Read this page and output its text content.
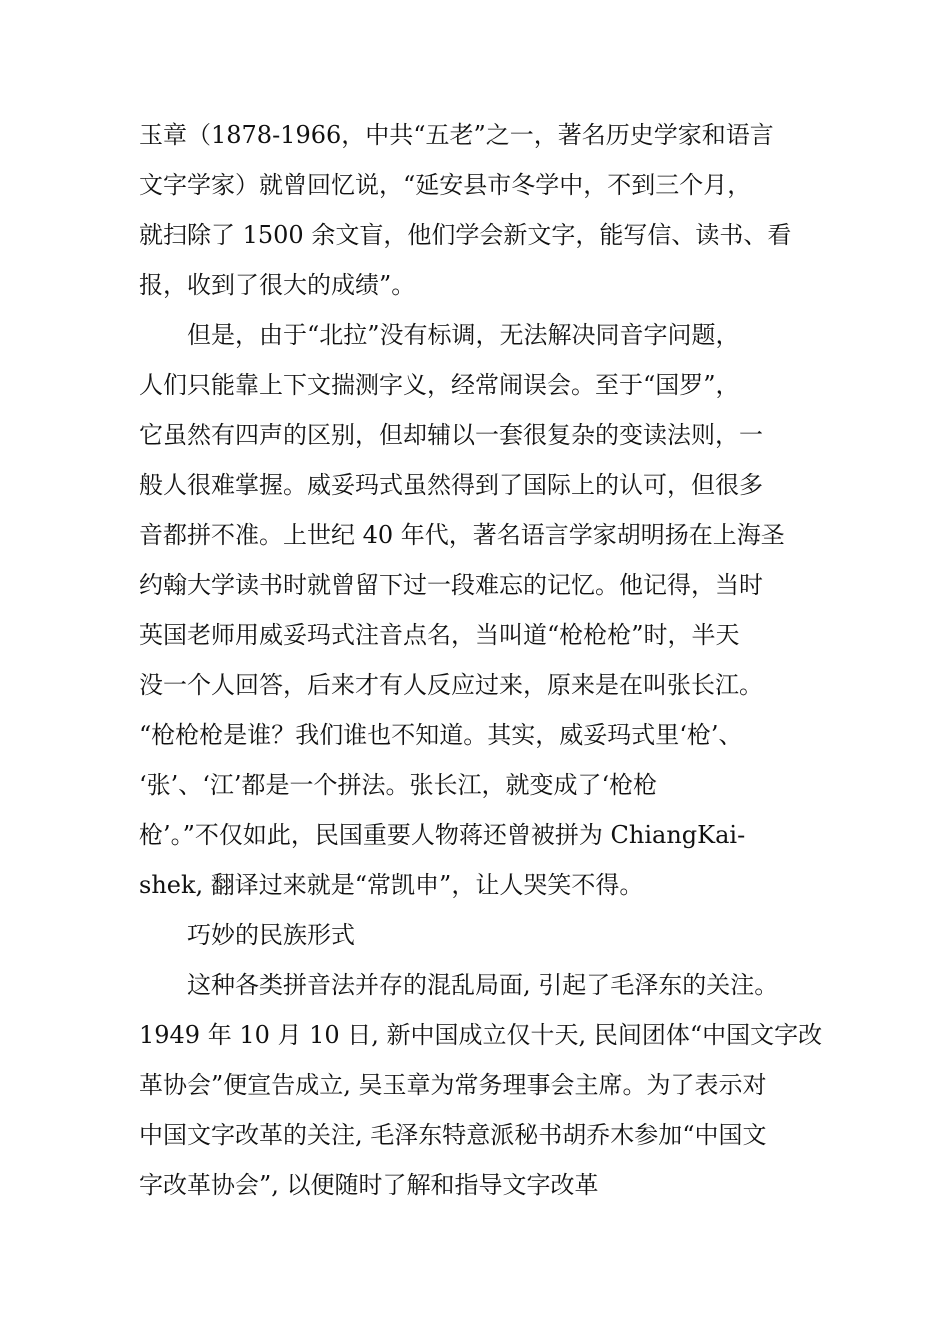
玉章（1878-1966，中共“五老”之一，著名历史学家和语言
文字学家）就曾回忆说，“延安县市冬学中，不到三个月，
就扫除了 1500 余文盲，他们学会新文字，能写信、读书、看
报，收到了很大的成绩”。
　　但是，由于“北拉”没有标调，无法解决同音字问题，
人们只能靠上下文揣测字义，经常闹误会。至于“国罗”，
它虽然有四声的区别，但却辅以一套很复杂的变读法则，一
般人很难掌握。威妥玛式虽然得到了国际上的认可，但很多
音都拼不准。上世纪 40 年代，著名语言学家胡明扬在上海圣
约翰大学读书时就曾留下过一段难忘的记忆。他记得，当时
英国老师用威妥玛式注音点名，当叫道“枪枪枪”时，半天
没一个人回答，后来才有人反应过来，原来是在叫张长江。
“枪枪枪是谁？我们谁也不知道。其实，威妥玛式里‘枪’、
‘张’、‘江’都是一个拼法。张长江，就变成了‘枪枪
枪’。”不仅如此，民国重要人物蒋还曾被拼为 ChiangKai-
shek, 翻译过来就是“常凯申”，让人哭笑不得。
　　巧妙的民族形式
　　这种各类拼音法并存的混乱局面, 引起了毛泽东的关注。
1949 年 10 月 10 日, 新中国成立仅十天, 民间团体“中国文字改
革协会”便宣告成立, 吴玉章为常务理事会主席。为了表示对
中国文字改革的关注, 毛泽东特意派秘书胡乔木参加“中国文
字改革协会”, 以便随时了解和指导文字改革
